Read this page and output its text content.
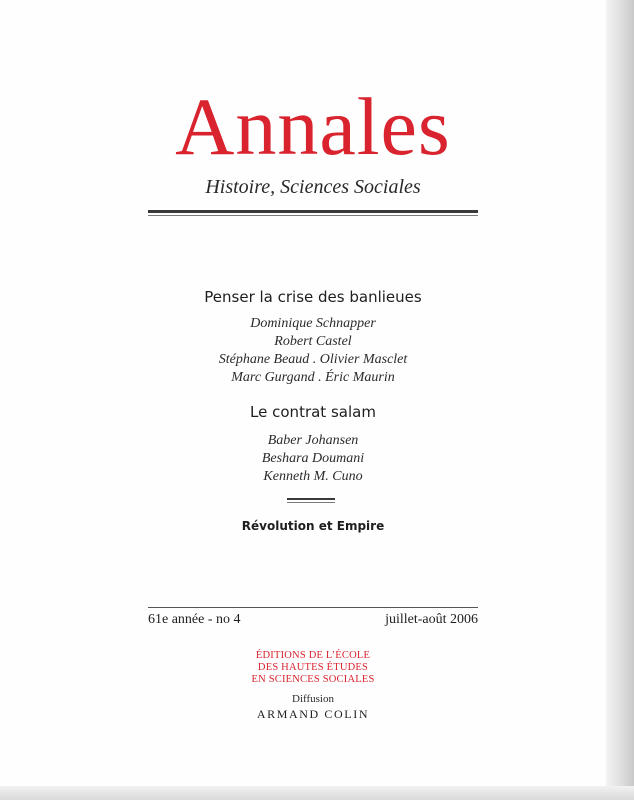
Annales
Histoire, Sciences Sociales
Penser la crise des banlieues
Dominique Schnapper
Robert Castel
Stéphane Beaud . Olivier Masclet
Marc Gurgand . Éric Maurin
Le contrat salam
Baber Johansen
Beshara Doumani
Kenneth M. Cuno
Révolution et Empire
61e année - no 4	juillet-août 2006
ÉDITIONS DE L’ÉCOLE
DES HAUTES ÉTUDES
EN SCIENCES SOCIALES
Diffusion
ARMAND COLIN
